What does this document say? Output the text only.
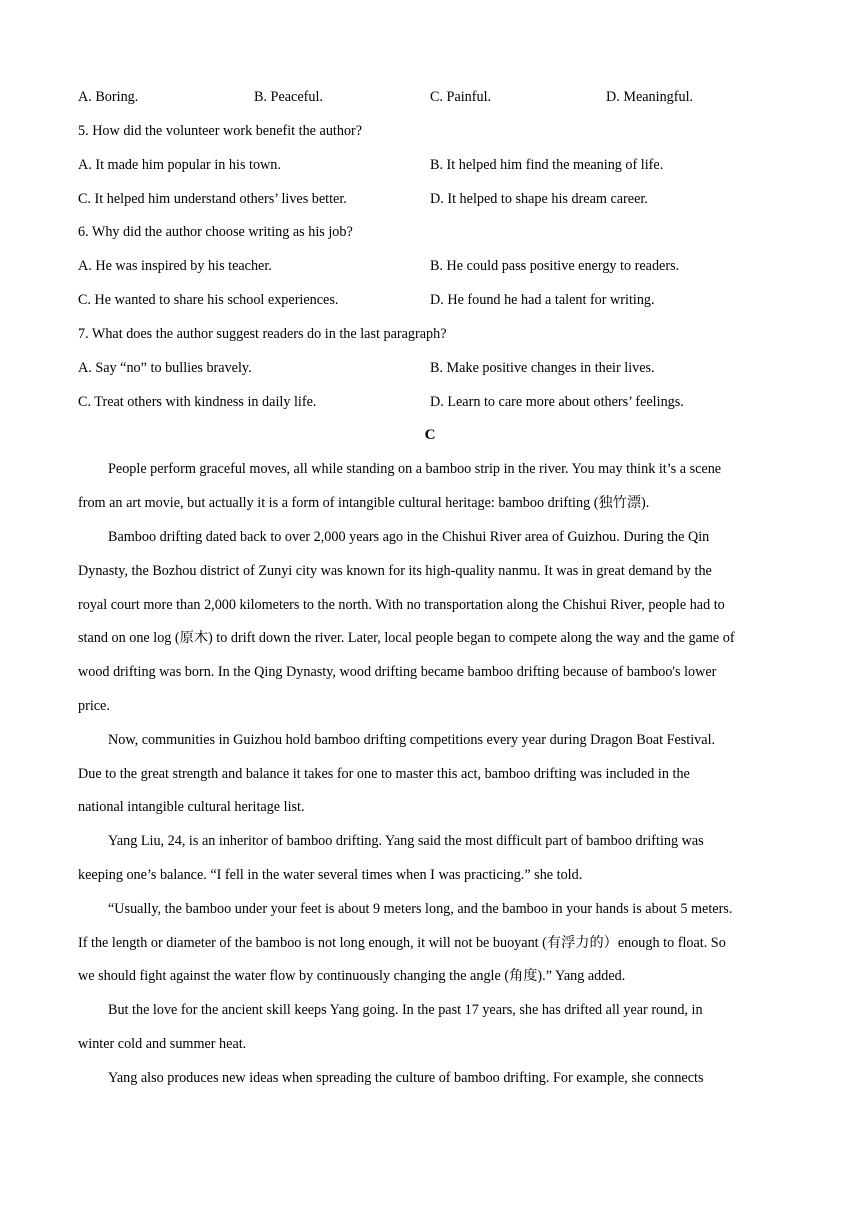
A. Boring.	B. Peaceful.	C. Painful.	D. Meaningful.
5. How did the volunteer work benefit the author?
A. It made him popular in his town.	B. It helped him find the meaning of life.
C. It helped him understand others’ lives better.	D. It helped to shape his dream career.
6. Why did the author choose writing as his job?
A. He was inspired by his teacher.	B. He could pass positive energy to readers.
C. He wanted to share his school experiences.	D. He found he had a talent for writing.
7. What does the author suggest readers do in the last paragraph?
A. Say “no” to bullies bravely.	B. Make positive changes in their lives.
C. Treat others with kindness in daily life.	D. Learn to care more about others’ feelings.
C
People perform graceful moves, all while standing on a bamboo strip in the river. You may think it’s a scene
from an art movie, but actually it is a form of intangible cultural heritage: bamboo drifting (独竹漂).
Bamboo drifting dated back to over 2,000 years ago in the Chishui River area of Guizhou. During the Qin
Dynasty, the Bozhou district of Zunyi city was known for its high-quality nanmu. It was in great demand by the
royal court more than 2,000 kilometers to the north. With no transportation along the Chishui River, people had to
stand on one log (原木) to drift down the river. Later, local people began to compete along the way and the game of
wood drifting was born. In the Qing Dynasty, wood drifting became bamboo drifting because of bamboo's lower
price.
Now, communities in Guizhou hold bamboo drifting competitions every year during Dragon Boat Festival.
Due to the great strength and balance it takes for one to master this act, bamboo drifting was included in the
national intangible cultural heritage list.
Yang Liu, 24, is an inheritor of bamboo drifting. Yang said the most difficult part of bamboo drifting was
keeping one’s balance. “I fell in the water several times when I was practicing.” she told.
“Usually, the bamboo under your feet is about 9 meters long, and the bamboo in your hands is about 5 meters.
If the length or diameter of the bamboo is not long enough, it will not be buoyant (有浮力的）enough to float. So
we should fight against the water flow by continuously changing the angle (角度).” Yang added.
But the love for the ancient skill keeps Yang going. In the past 17 years, she has drifted all year round, in
winter cold and summer heat.
Yang also produces new ideas when spreading the culture of bamboo drifting. For example, she connects
